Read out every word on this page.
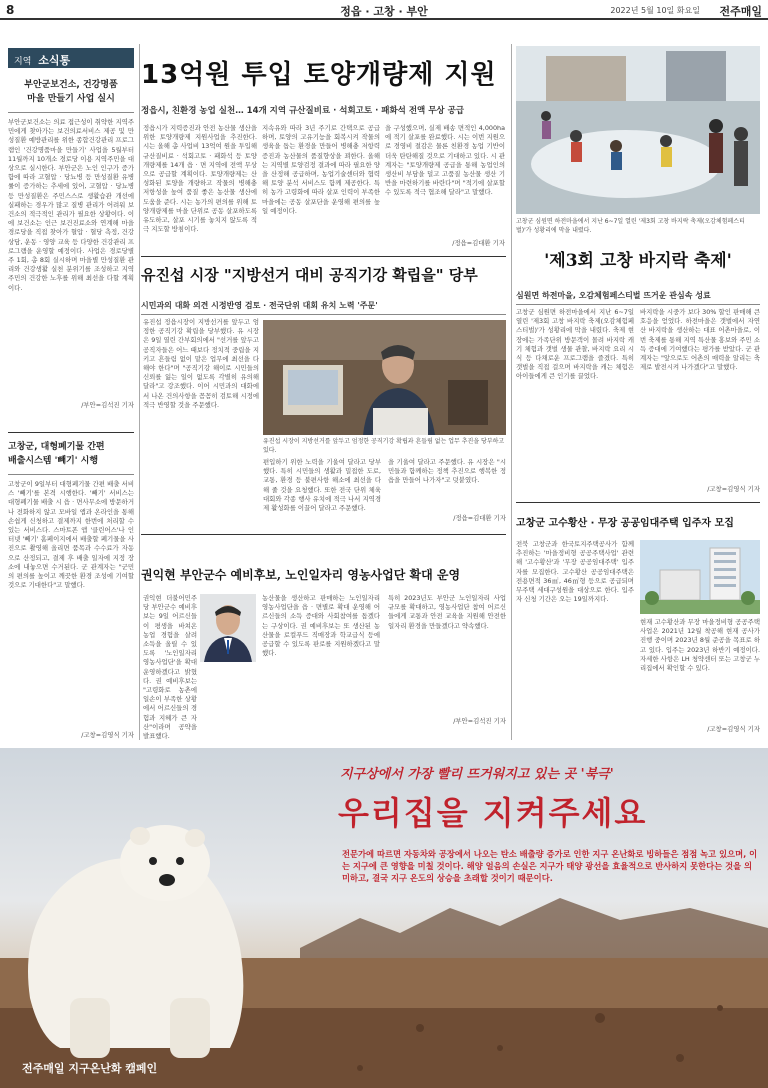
8	정읍 · 고창 · 부안	2022년 5월 10일 화요일 전주매일
지역 소식통
부안군보건소, 건강명품
마을 만들기 사업 실시
부안군보건소는 의료 접근성이 취약한 지역주민에게 찾아가는 보건의료서비스 제공 및 만성질환 예방관리를 위한 종합건강관리 프로그램인 '건강명품마을 만들기' 사업을 5월부터 11월까지 10개소 경로당 이용 지역주민을 대상으로 실시한다. 부안군은 노인 인구가 증가함에 따라 고혈압 · 당뇨병 등 만성질환 유병률이 증가하는 추세에 있어, 고혈압 · 당뇨병 등 만성질환은 주민스스로 생활습관 개선에 실패하는 경우가 많고 질병 관리가 어려워 보건소의 적극적인 관리가 필요한 상황이다. 이에 보건소는 인근 보건진료소와 연계해 마을 경로당을 직접 찾아가 혈압 · 혈당 측정, 건강상담, 운동 · 영양 교육 등 다양한 건강관리 프로그램을 운영할 예정이다. 사업은 경로당별 주 1회, 총 8회 실시하며 마을별 만성질환 관리와 건강생활 실천 분위기를 조성하고 지역주민의 건강한 노후를 위해 최선을 다할 계획이다.
/부안=김석진 기자
고창군, 대형폐기물 간편
배출시스템 '빼기' 시행
고창군이 9일부터 대형폐기물 간편 배출 서비스 '빼기'를 본격 시행한다. '빼기' 서비스는 대형폐기물 배출 시 읍 · 면사무소에 방문하거나 전화하지 않고 모바일 앱과 온라인을 통해 손쉽게 신청하고 결제까지 한번에 처리할 수 있는 서비스다. 스마트폰 앱 '클린어스'나 인터넷 '빼기' 홈페이지에서 배출할 폐기물을 사진으로 촬영해 올리면 품목과 수수료가 자동으로 산정되고, 결제 후 배출 일자에 지정 장소에 내놓으면 수거된다. 군 관계자는 "군민의 편의를 높이고 깨끗한 환경 조성에 기여할 것으로 기대한다"고 말했다.
/고창=김영식 기자
13억원 투입 토양개량제 지원
정읍시, 친환경 농업 실천… 14개 지역 규산질비료 · 석회고토 · 패화석 전액 무상 공급
정읍시가 지력증진과 안전 농산물 생산을 위한 토양개량제 지원사업을 추진한다. 시는 올해 총 사업비 13억여 원을 투입해 규산질비료 · 석회고토 · 패화석 등 토양개량제를 14개 읍 · 면 지역에 전액 무상으로 공급할 계획이다. 토양개량제는 산성화된 토양을 개량하고 작물의 병해충 저항성을 높여 품질 좋은 농산물 생산에 도움을 준다. 시는 농가의 편의를 위해 토양개량제를 마을 단위로 공동 살포하도록 유도하고, 살포 시기를 놓치지 않도록 적극 지도할 방침이다.
지속유와 따라 3년 주기로 간택으로 공급하며, 토양의 고유기능을 회복시켜 작물의 생육을 돕는 환경을 만들어 병해충 저항력 증진과 농산물의 품질향상을 꾀한다. 올해는 지역별 토양검정 결과에 따라 필요한 양을 산정해 공급하며, 농업기술센터와 협력해 토양 분석 서비스도 함께 제공한다. 특히 농가 고령화에 따라 살포 인력이 부족한 마을에는 공동 살포단을 운영해 편의를 높일 예정이다.
을 구성했으며, 실제 배송 면적인 4,000ha에 적기 살포를 완료했다. 시는 이번 지원으로 경영비 절감은 물론 친환경 농업 기반이 더욱 탄탄해질 것으로 기대하고 있다. 시 관계자는 "토양개량제 공급을 통해 농업인의 생산비 부담을 덜고 고품질 농산물 생산 기반을 마련하기를 바란다"며 "적기에 살포할 수 있도록 적극 협조해 달라"고 말했다.
/정읍=김대환 기자
유진섭 시장 "지방선거 대비 공직기강 확립을" 당부
시민과의 대화 의견 시정반영 검토 · 전국단위 대회 유치 노력 '주문'
유진섭 정읍시장이 지방선거를 앞두고 엄정한 공직기강 확립을 당부했다. 유 시장은 9일 열린 간부회의에서 "선거를 앞두고 공직자들은 어느 때보다 정치적 중립을 지키고 흔들림 없이 맡은 업무에 최선을 다해야 한다"며 "공직기강 해이로 시민들의 신뢰를 잃는 일이 없도록 각별히 유의해 달라"고 강조했다. 이어 시민과의 대화에서 나온 건의사항을 꼼꼼히 검토해 시정에 적극 반영할 것을 주문했다.
유진섭 시장이 지방선거를 앞두고 엄정한 공직기강 확립과 흔들림 없는 업무 추진을 당부하고 있다.
편입하기 위한 노력을 기울여 달라고 당부했다. 특히 시민들의 생활과 밀접한 도로, 교통, 환경 등 불편사항 해소에 최선을 다해 줄 것을 요청했다. 또한 전국 단위 체육대회와 각종 행사 유치에 적극 나서 지역경제 활성화를 이끌어 달라고 주문했다.
을 기울여 달라고 주문했다. 유 시장은 "시민들과 함께하는 정책 추진으로 행복한 정읍을 만들어 나가자"고 덧붙였다.
/정읍=김대환 기자
권익현 부안군수 예비후보, 노인일자리 영농사업단 확대 운영
권익현 더불어민주당 부안군수 예비후보는 9일 어르신들이 평생을 바쳐온 농업 경험을 살려 소득을 올릴 수 있도록 '노인일자리 영농사업단'을 확대 운영하겠다고 밝혔다. 권 예비후보는 "고령화로 농촌에 일손이 부족한 상황에서 어르신들의 경험과 지혜가 큰 자산"이라며 공약을 발표했다.
농산물을 생산하고 판매하는 노인일자리 영농사업단을 읍 · 면별로 확대 운영해 어르신들의 소득 증대와 사회참여를 돕겠다는 구상이다. 권 예비후보는 또 생산된 농산물을 로컬푸드 직매장과 학교급식 등에 공급할 수 있도록 판로를 지원하겠다고 말했다.
특히 2023년도 부안군 노인일자리 사업 규모를 확대하고, 영농사업단 참여 어르신들에게 교통과 안전 교육을 지원해 안전한 일자리 환경을 만들겠다고 약속했다.
/부안=김석진 기자
고창군 심원면 하전마을에서 지난 6~7일 열린 '제3회 고창 바지락 축제(오감체험페스티벌)'가 성황리에 막을 내렸다.
'제3회 고창 바지락 축제'
심원면 하전마을, 오감체험페스티벌 뜨거운 관심속 성료
고창군 심원면 하전마을에서 지난 6~7일 열린 '제3회 고창 바지락 축제(오감체험페스티벌)'가 성황리에 막을 내렸다. 축제 현장에는 가족단위 방문객이 몰려 바지락 캐기 체험과 갯벌 생물 관찰, 바지락 요리 시식 등 다채로운 프로그램을 즐겼다. 특히 갯벌을 직접 걸으며 바지락을 캐는 체험은 아이들에게 큰 인기를 끌었다.
바지락을 시중가 보다 30% 할인 판매해 큰 호응을 얻었다. 하전마을은 갯벌에서 자연산 바지락을 생산하는 대표 어촌마을로, 이번 축제를 통해 지역 특산물 홍보와 주민 소득 증대에 기여했다는 평가를 받았다. 군 관계자는 "앞으로도 어촌의 매력을 알리는 축제로 발전시켜 나가겠다"고 말했다.
/고창=김영식 기자
고창군 고수황산 · 무장 공공임대주택 입주자 모집
전북 고창군과 한국토지주택공사가 함께 추진하는 '마을정비형 공공주택사업' 관련해 '고수황산'과 '무장 공공임대주택' 입주자를 모집한다. 고수황산 공공임대주택은 전용면적 36㎡, 46㎡형 등으로 공급되며 무주택 세대구성원을 대상으로 한다. 입주자 신청 기간은 오는 19일까지다.
현재 고수황산과 무장 마을정비형 공공주택사업은 2021년 12월 착공해 현재 공사가 진행 중이며 2023년 8월 준공을 목표로 하고 있다. 입주는 2023년 하반기 예정이다. 자세한 사항은 LH 청약센터 또는 고창군 누리집에서 확인할 수 있다.
/고창=김영식 기자
지구상에서 가장 빨리 뜨거워지고 있는 곳 '북극'
우리집을 지켜주세요
전문가에 따르면 자동차와 공장에서 나오는 탄소 배출량 증가로 인한 지구 온난화로 빙하들은 점점 녹고 있으며, 이는 지구에 큰 영향을 미칠 것이다. 해양 얼음의 손실은 지구가 태양 광선을 효율적으로 반사하지 못한다는 것을 의미하고, 결국 지구 온도의 상승을 초래할 것이기 때문이다.
전주매일 지구온난화 캠페인
